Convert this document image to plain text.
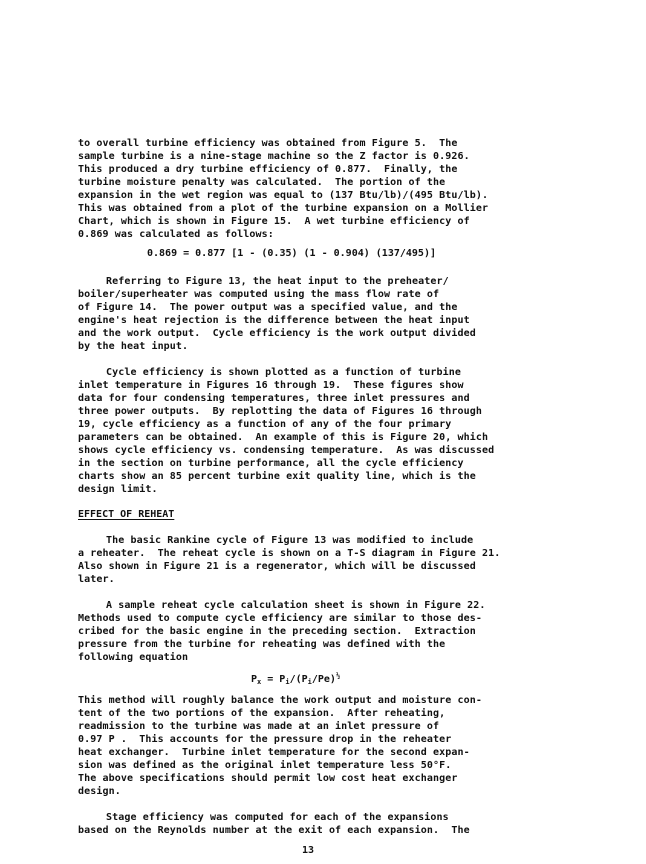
to overall turbine efficiency was obtained from Figure 5.  The

sample turbine is a nine-stage machine so the Z factor is 0.926.

This produced a dry turbine efficiency of 0.877.  Finally, the

turbine moisture penalty was calculated.  The portion of the

expansion in the wet region was equal to (137 Btu/lb)/(495 Btu/lb).

This was obtained from a plot of the turbine expansion on a Mollier

Chart, which is shown in Figure 15.  A wet turbine efficiency of

0.869 was calculated as follows:

0.869 = 0.877 [1 - (0.35) (1 - 0.904) (137/495)]

Referring to Figure 13, the heat input to the preheater/

boiler/superheater was computed using the mass flow rate of

of Figure 14.  The power output was a specified value, and the

engine's heat rejection is the difference between the heat input

and the work output.  Cycle efficiency is the work output divided

by the heat input.

Cycle efficiency is shown plotted as a function of turbine

inlet temperature in Figures 16 through 19.  These figures show

data for four condensing temperatures, three inlet pressures and

three power outputs.  By replotting the data of Figures 16 through

19, cycle efficiency as a function of any of the four primary

parameters can be obtained.  An example of this is Figure 20, which

shows cycle efficiency vs. condensing temperature.  As was discussed

in the section on turbine performance, all the cycle efficiency

charts show an 85 percent turbine exit quality line, which is the

design limit.

EFFECT OF REHEAT

The basic Rankine cycle of Figure 13 was modified to include

a reheater.  The reheat cycle is shown on a T-S diagram in Figure 21.

Also shown in Figure 21 is a regenerator, which will be discussed

later.

A sample reheat cycle calculation sheet is shown in Figure 22.

Methods used to compute cycle efficiency are similar to those des-

cribed for the basic engine in the preceding section.  Extraction

pressure from the turbine for reheating was defined with the

following equation

$P_x = P_i/(P_i/Pe)^{\frac{1}{2}}$

This method will roughly balance the work output and moisture con-

tent of the two portions of the expansion.  After reheating,

readmission to the turbine was made at an inlet pressure of

0.97 P .  This accounts for the pressure drop in the reheater

heat exchanger.  Turbine inlet temperature for the second expan-

sion was defined as the original inlet temperature less 50°F.

The above specifications should permit low cost heat exchanger

design.

Stage efficiency was computed for each of the expansions

based on the Reynolds number at the exit of each expansion.  The

13
